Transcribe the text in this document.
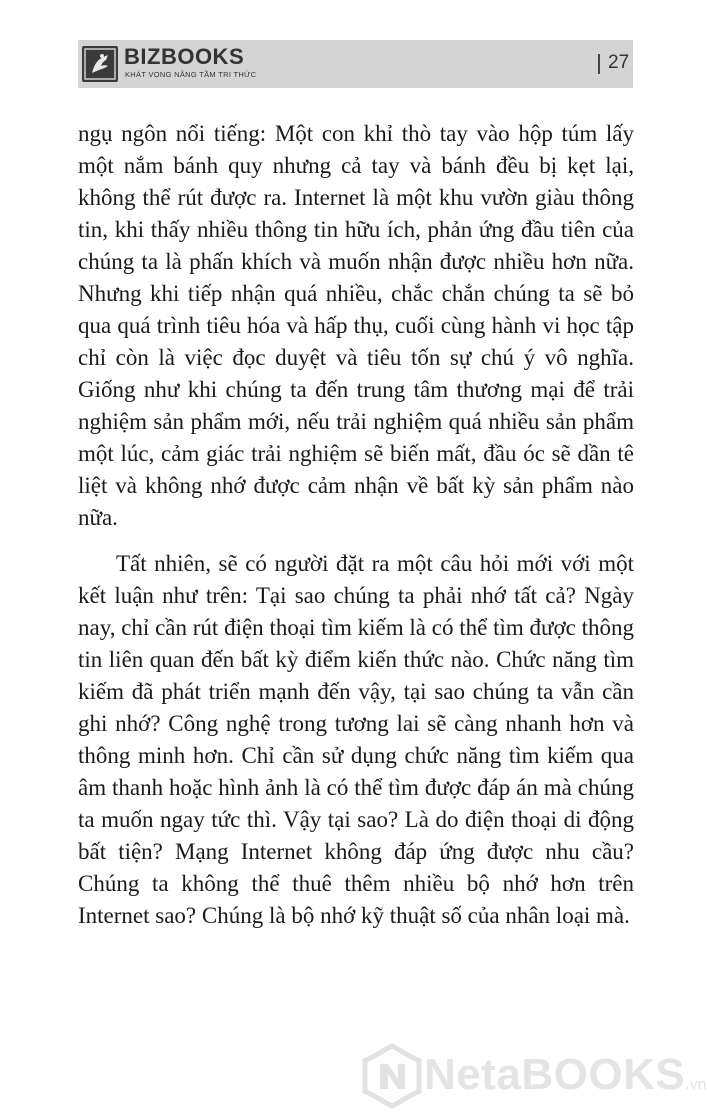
BIZBOOKS
KHÁT VỌNG NÂNG TẦM TRI THỨC
27

ngụ ngôn nổi tiếng: Một con khỉ thò tay vào hộp túm lấy một nắm bánh quy nhưng cả tay và bánh đều bị kẹt lại, không thể rút được ra. Internet là một khu vườn giàu thông tin, khi thấy nhiều thông tin hữu ích, phản ứng đầu tiên của chúng ta là phấn khích và muốn nhận được nhiều hơn nữa. Nhưng khi tiếp nhận quá nhiều, chắc chắn chúng ta sẽ bỏ qua quá trình tiêu hóa và hấp thụ, cuối cùng hành vi học tập chỉ còn là việc đọc duyệt và tiêu tốn sự chú ý vô nghĩa. Giống như khi chúng ta đến trung tâm thương mại để trải nghiệm sản phẩm mới, nếu trải nghiệm quá nhiều sản phẩm một lúc, cảm giác trải nghiệm sẽ biến mất, đầu óc sẽ dần tê liệt và không nhớ được cảm nhận về bất kỳ sản phẩm nào nữa.

Tất nhiên, sẽ có người đặt ra một câu hỏi mới với một kết luận như trên: Tại sao chúng ta phải nhớ tất cả? Ngày nay, chỉ cần rút điện thoại tìm kiếm là có thể tìm được thông tin liên quan đến bất kỳ điểm kiến thức nào. Chức năng tìm kiếm đã phát triển mạnh đến vậy, tại sao chúng ta vẫn cần ghi nhớ? Công nghệ trong tương lai sẽ càng nhanh hơn và thông minh hơn. Chỉ cần sử dụng chức năng tìm kiếm qua âm thanh hoặc hình ảnh là có thể tìm được đáp án mà chúng ta muốn ngay tức thì. Vậy tại sao? Là do điện thoại di động bất tiện? Mạng Internet không đáp ứng được nhu cầu? Chúng ta không thể thuê thêm nhiều bộ nhớ hơn trên Internet sao? Chúng là bộ nhớ kỹ thuật số của nhân loại mà.

NetaBOOKS.vn
